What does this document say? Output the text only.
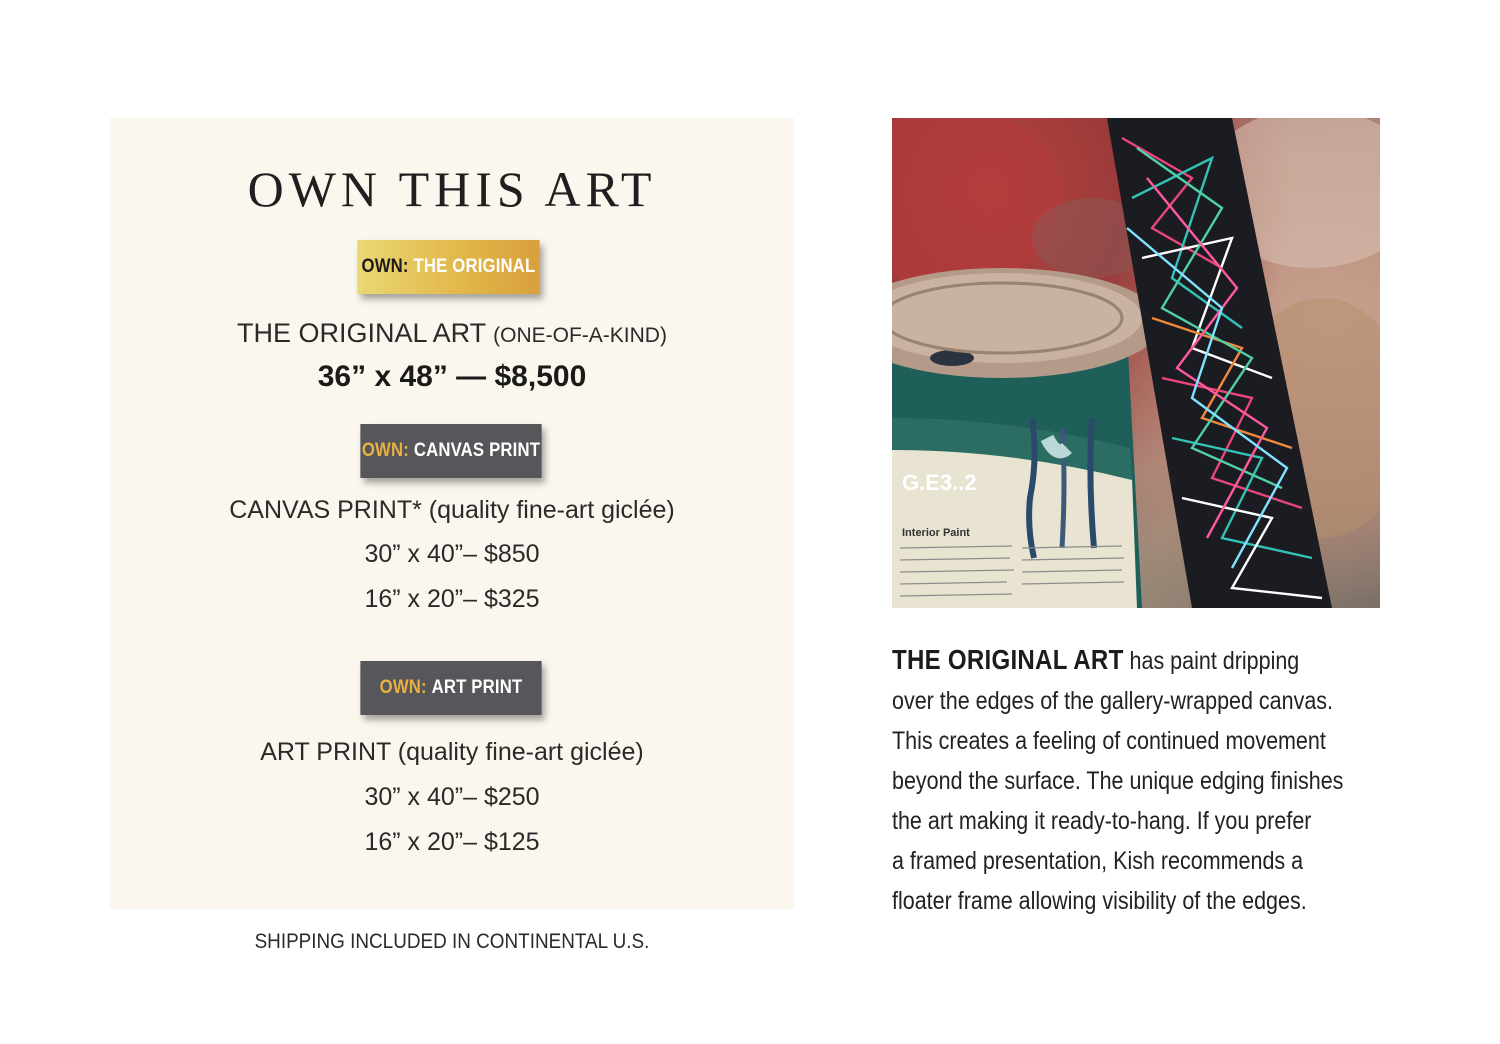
OWN THIS ART
OWN:
THE ORIGINAL
THE ORIGINAL ART (ONE-OF-A-KIND)
36” x 48” — $8,500
OWN:
CANVAS PRINT
CANVAS PRINT* (quality fine-art giclée)
30” x 40”– $850
16” x 20”– $325
OWN:
ART PRINT
ART PRINT (quality fine-art giclée)
30” x 40”– $250
16” x 20”– $125
SHIPPING INCLUDED IN CONTINENTAL U.S.
G.E3..2
Interior Paint

THE ORIGINAL ART has paint dripping
over the edges of the gallery-wrapped canvas.
This creates a feeling of continued movement
beyond the surface. The unique edging finishes
the art making it ready-to-hang. If you prefer
a framed presentation, Kish recommends a
floater frame allowing visibility of the edges.
